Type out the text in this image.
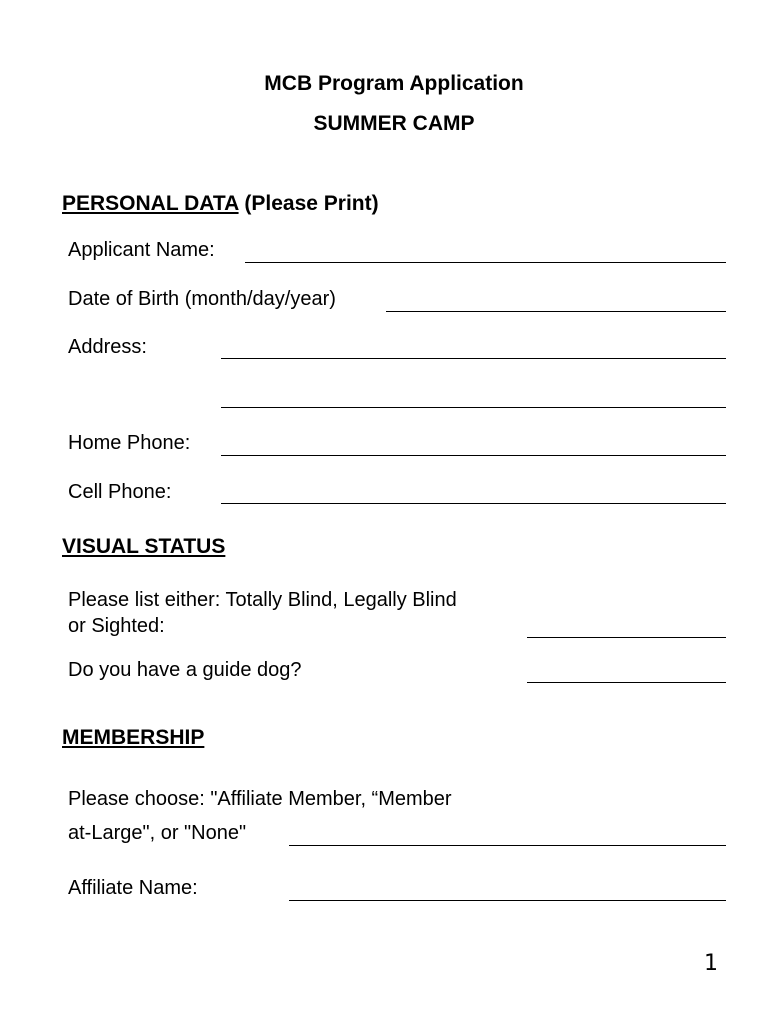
MCB Program Application
SUMMER CAMP
PERSONAL DATA (Please Print)
Applicant Name:
Date of Birth (month/day/year)
Address:
Home Phone:
Cell Phone:
VISUAL STATUS
Please list either: Totally Blind, Legally Blind
or Sighted:
Do you have a guide dog?
MEMBERSHIP
Please choose: "Affiliate Member, “Member
at-Large", or "None"
Affiliate Name:
1
